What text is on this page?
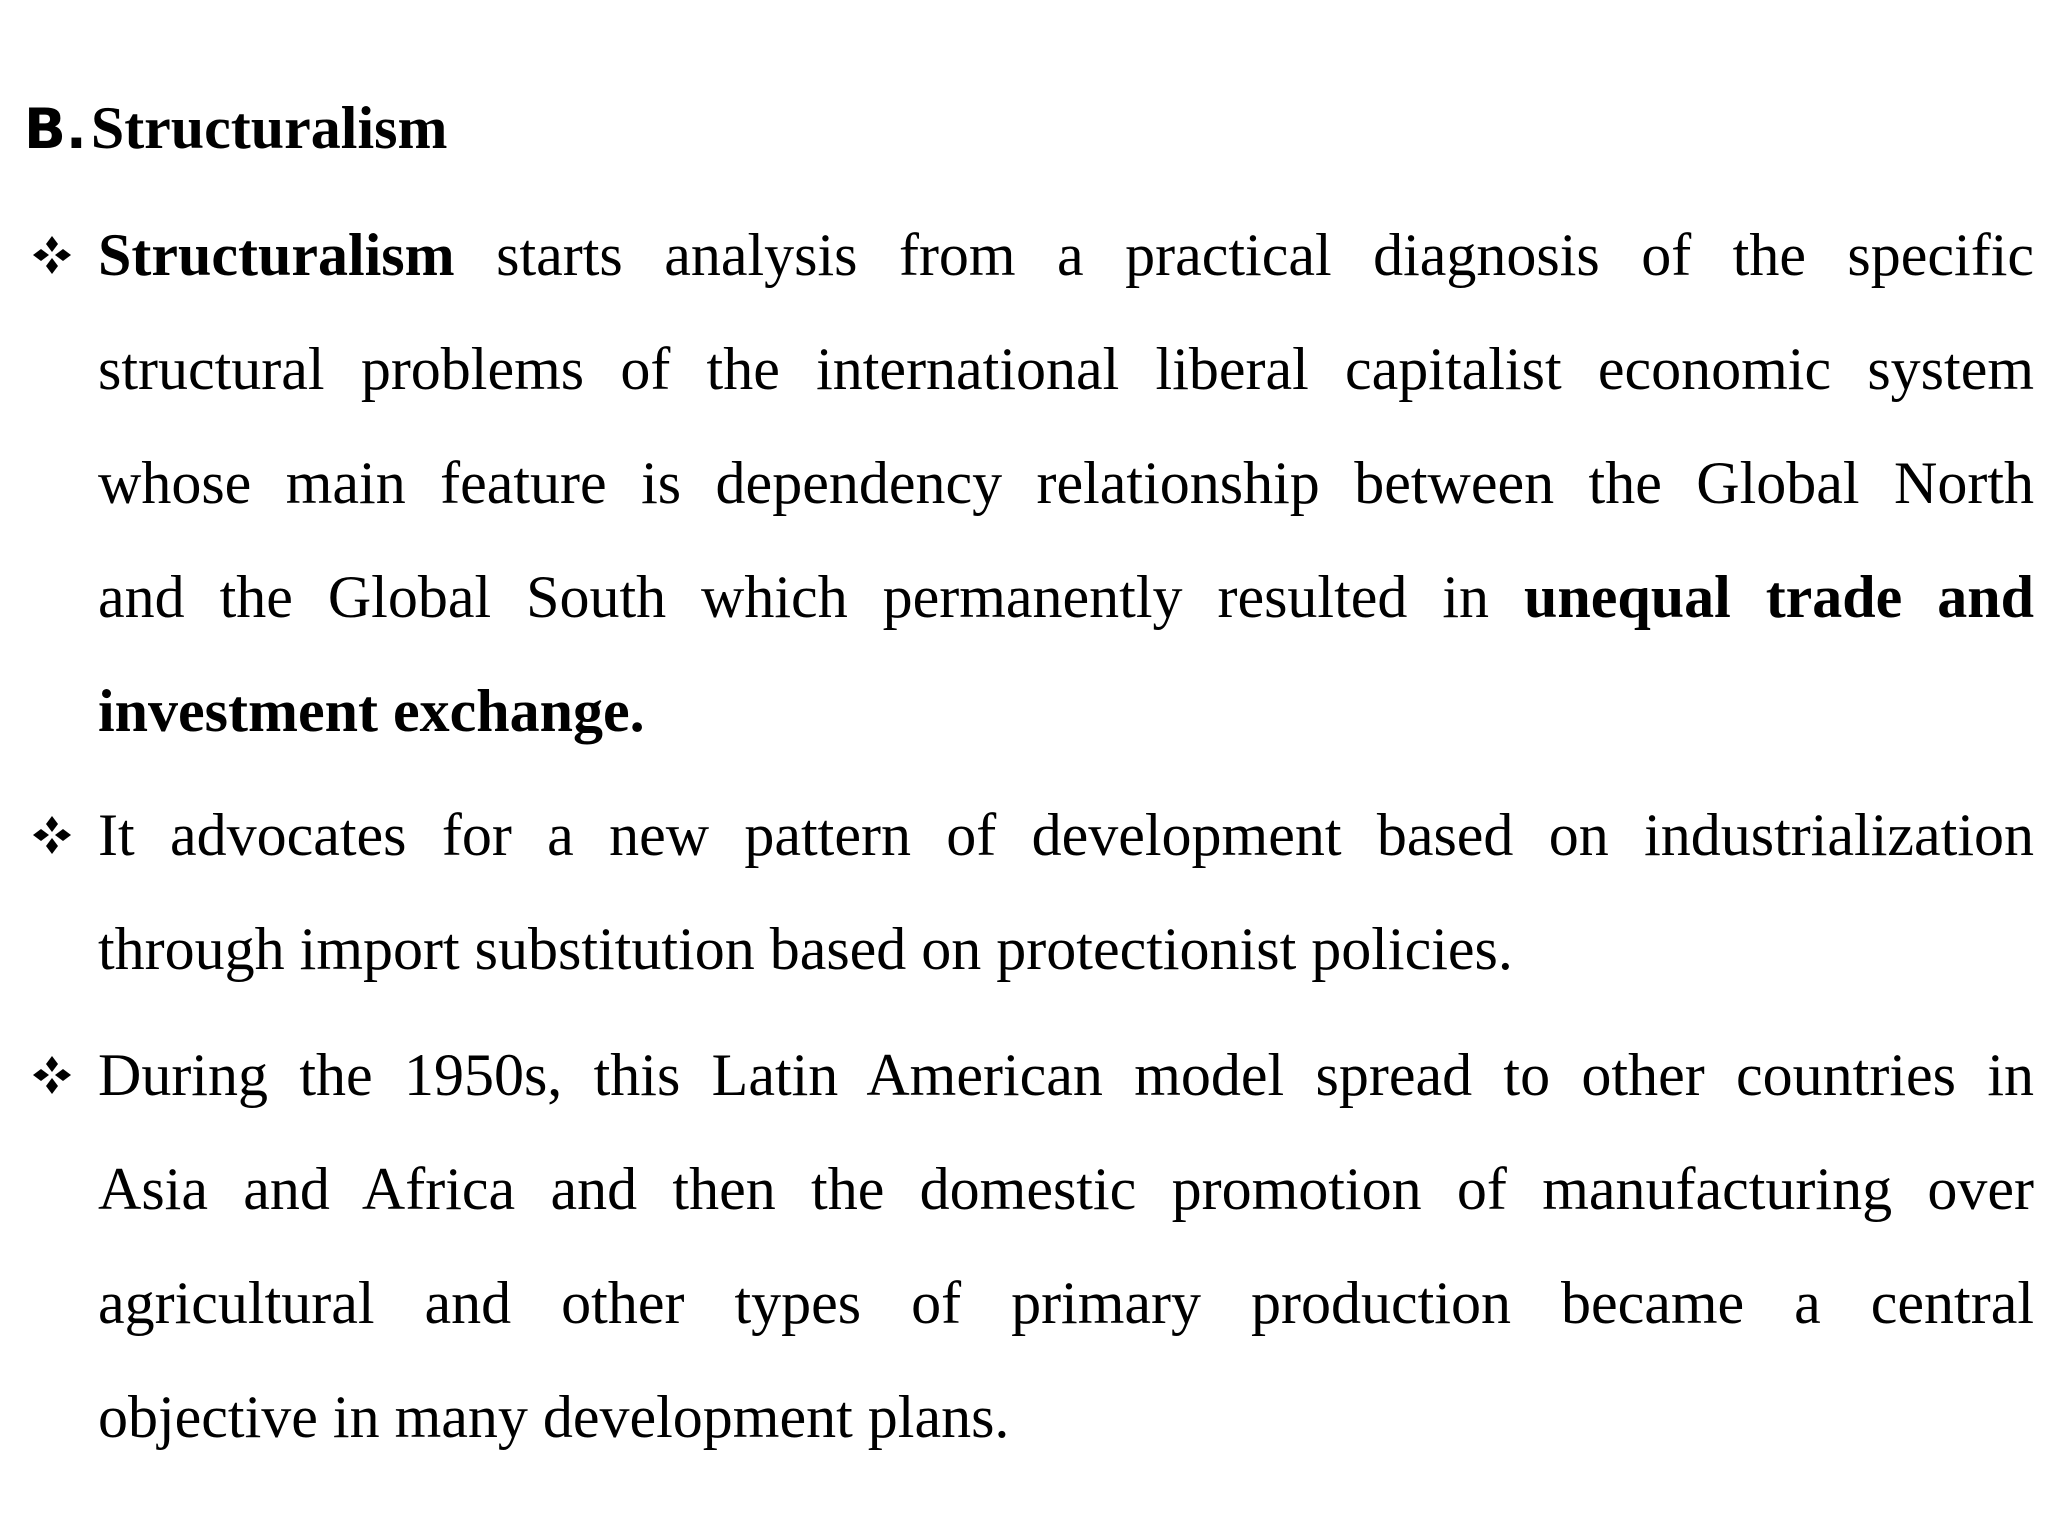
B. Structuralism
Structuralism starts analysis from a practical diagnosis of the specific
structural problems of the international liberal capitalist economic system
whose main feature is dependency relationship between the Global North
and the Global South which permanently resulted in unequal trade and
investment exchange.
It advocates for a new pattern of development based on industrialization
through import substitution based on protectionist policies.
During the 1950s, this Latin American model spread to other countries in
Asia and Africa and then the domestic promotion of manufacturing over
agricultural and other types of primary production became a central
objective in many development plans.
